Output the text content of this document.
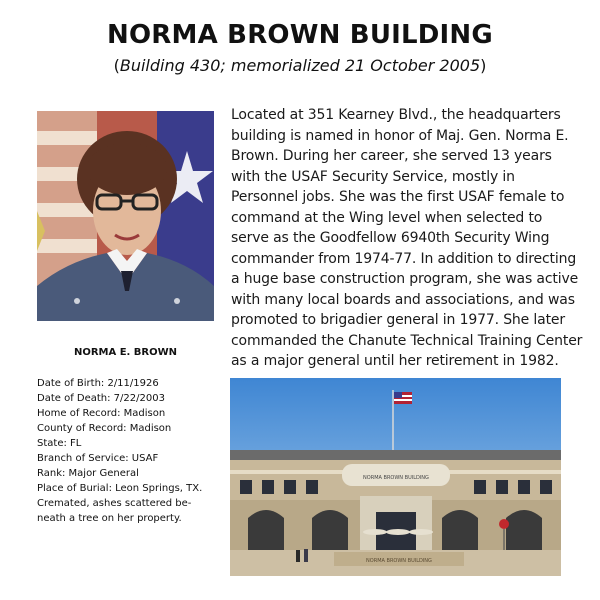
NORMA BROWN BUILDING
(Building 430; memorialized 21 October 2005)
NORMA E. BROWN
Date of Birth: 2/11/1926
Date of Death: 7/22/2003
Home of Record: Madison
County of Record: Madison
State: FL
Branch of Service: USAF
Rank: Major General
Place of Burial: Leon Springs, TX.
Cremated, ashes scattered be-
neath a tree on her property.

Located at 351 Kearney Blvd., the headquarters building is named in honor of Maj. Gen. Norma E. Brown. During her career, she served 13 years with the USAF Security Service, mostly in Personnel jobs. She was the first USAF female to command at the Wing level when selected to serve as the Goodfellow 6940th Security Wing commander from 1974-77. In addition to directing a huge base construction program, she was active with many local boards and associations, and was promoted to brigadier general in 1977. She later commanded the Chanute Technical Training Center as a major general until her retirement in 1982.

NORMA BROWN BUILDING
NORMA BROWN BUILDING
